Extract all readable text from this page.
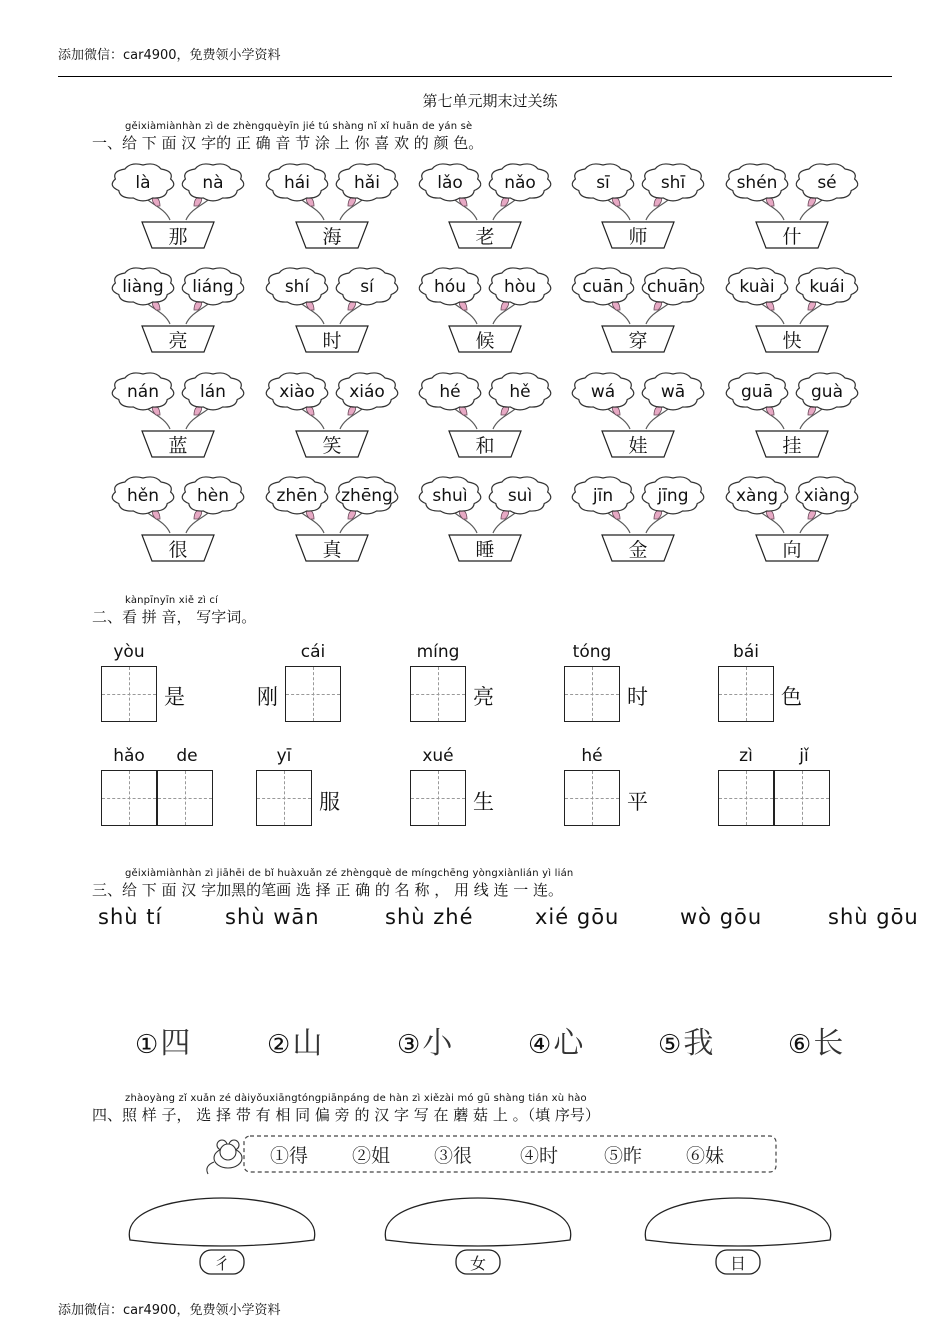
添加微信：car4900，免费领小学资料
第七单元期末过关练
gěixiàmiànhàn zì de zhèngquèyīn jié tú shàng nǐ xǐ huān de yán sè
一、给 下 面 汉 字的 正 确 音 节 涂 上 你 喜 欢 的 颜 色。
là	nà
那
hái	hǎi
海
lǎo nǎo
老
sī	shī
师
shén sé
什
liàng liáng
亮
shí	sí
时
hóu hòu
候
cuān chuān
穿
kuài kuái
快
nán lán
蓝
xiào xiáo
笑
hé	hě
和
wá	wā
娃
guā guà
挂
hěn hèn
很
zhēn zhēng
真
shuì suì
睡
jīn	jīng
金
xàng xiàng
向
kànpīnyīn xiě zì cí
二、看 拼 音， 写字词。
yòu
是
cái
刚
míng
亮
tóng
时
bái
色
hǎo	de	yī
服
xué
生
hé
平
zì	jǐ
gěixiàmiànhàn zì jiāhēi de bǐ huàxuǎn zé zhèngquè de míngchēng yòngxiànlián yì lián
三、给 下 面 汉 字加黑的笔画 选 择 正 确 的 名 称 ， 用 线 连 一 连。
shù tí	shù wān	shù zhé	xié gōu	wò gōu	shù gōu
①四	②山	③小	④心	⑤我	⑥长
zhàoyàng zǐ xuǎn zé dàiyǒuxiāngtóngpiānpáng de hàn zì xiězài mó gū shàng tián xù hào
四、照 样 子， 选 择 带 有 相 同 偏 旁 的 汉 字 写 在 蘑 菇 上 。（填 序号）
①得 ②姐 ③很	④时 ⑤昨 ⑥妹
彳	女	日
添加微信：car4900，免费领小学资料
